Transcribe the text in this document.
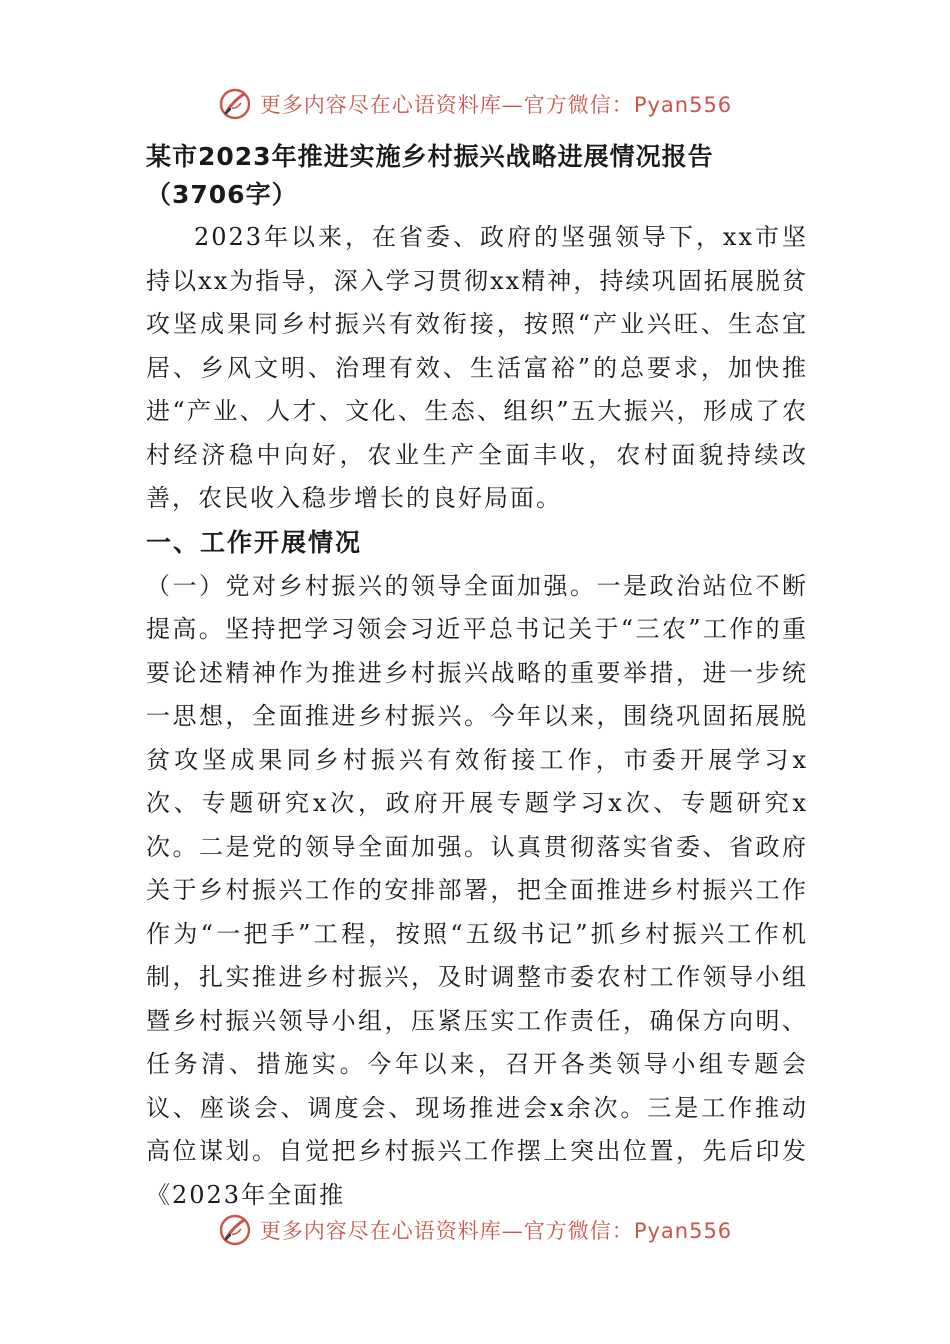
更多内容尽在心语资料库—官方微信：Pyan556
某市2023年推进实施乡村振兴战略进展情况报告（3706字）

2023年以来，在省委、政府的坚强领导下，xx市坚持以xx为指导，深入学习贯彻xx精神，持续巩固拓展脱贫攻坚成果同乡村振兴有效衔接，按照“产业兴旺、生态宜居、乡风文明、治理有效、生活富裕”的总要求，加快推进“产业、人才、文化、生态、组织”五大振兴，形成了农村经济稳中向好，农业生产全面丰收，农村面貌持续改善，农民收入稳步增长的良好局面。

一、工作开展情况

（一）党对乡村振兴的领导全面加强。一是政治站位不断提高。坚持把学习领会习近平总书记关于“三农”工作的重要论述精神作为推进乡村振兴战略的重要举措，进一步统一思想，全面推进乡村振兴。今年以来，围绕巩固拓展脱贫攻坚成果同乡村振兴有效衔接工作，市委开展学习x次、专题研究x次，政府开展专题学习x次、专题研究x次。二是党的领导全面加强。认真贯彻落实省委、省政府关于乡村振兴工作的安排部署，把全面推进乡村振兴工作作为“一把手”工程，按照“五级书记”抓乡村振兴工作机制，扎实推进乡村振兴，及时调整市委农村工作领导小组暨乡村振兴领导小组，压紧压实工作责任，确保方向明、任务清、措施实。今年以来，召开各类领导小组专题会议、座谈会、调度会、现场推进会x余次。三是工作推动高位谋划。自觉把乡村振兴工作摆上突出位置，先后印发《2023年全面推

更多内容尽在心语资料库—官方微信：Pyan556
